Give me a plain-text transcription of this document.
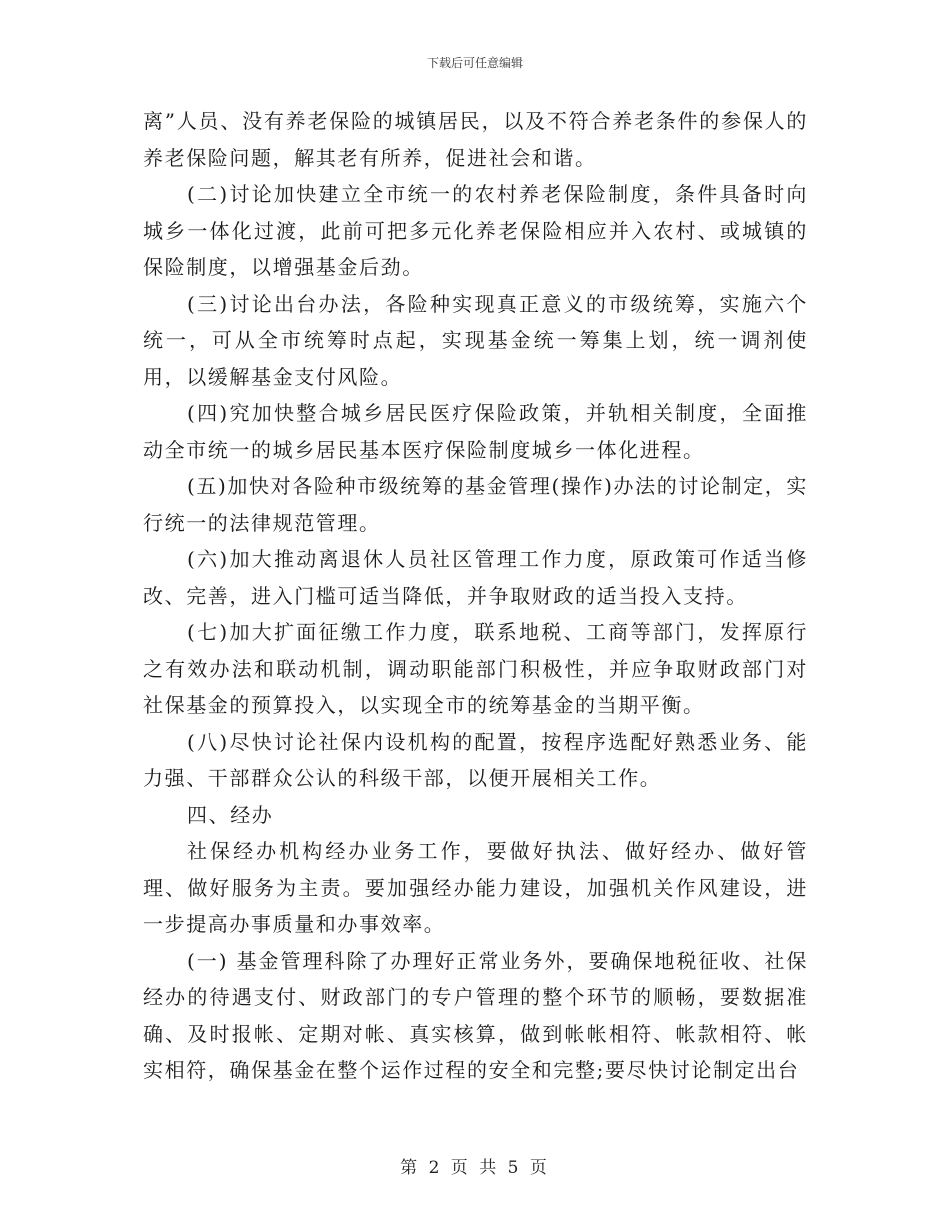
下载后可任意编辑

离”人员、没有养老保险的城镇居民，以及不符合养老条件的参保人的养老保险问题，解其老有所养，促进社会和谐。

(二)讨论加快建立全市统一的农村养老保险制度，条件具备时向城乡一体化过渡，此前可把多元化养老保险相应并入农村、或城镇的保险制度，以增强基金后劲。

(三)讨论出台办法，各险种实现真正意义的市级统筹，实施六个统一，可从全市统筹时点起，实现基金统一筹集上划，统一调剂使用，以缓解基金支付风险。

(四)究加快整合城乡居民医疗保险政策，并轨相关制度，全面推动全市统一的城乡居民基本医疗保险制度城乡一体化进程。

(五)加快对各险种市级统筹的基金管理(操作)办法的讨论制定，实行统一的法律规范管理。

(六)加大推动离退休人员社区管理工作力度，原政策可作适当修改、完善，进入门槛可适当降低，并争取财政的适当投入支持。

(七)加大扩面征缴工作力度，联系地税、工商等部门，发挥原行之有效办法和联动机制，调动职能部门积极性，并应争取财政部门对社保基金的预算投入，以实现全市的统筹基金的当期平衡。

(八)尽快讨论社保内设机构的配置，按程序选配好熟悉业务、能力强、干部群众公认的科级干部，以便开展相关工作。

四、经办

社保经办机构经办业务工作，要做好执法、做好经办、做好管理、做好服务为主责。要加强经办能力建设，加强机关作风建设，进一步提高办事质量和办事效率。

(一) 基金管理科除了办理好正常业务外，要确保地税征收、社保经办的待遇支付、财政部门的专户管理的整个环节的顺畅，要数据准确、及时报帐、定期对帐、真实核算，做到帐帐相符、帐款相符、帐实相符，确保基金在整个运作过程的安全和完整;要尽快讨论制定出台

第 2 页 共 5 页
